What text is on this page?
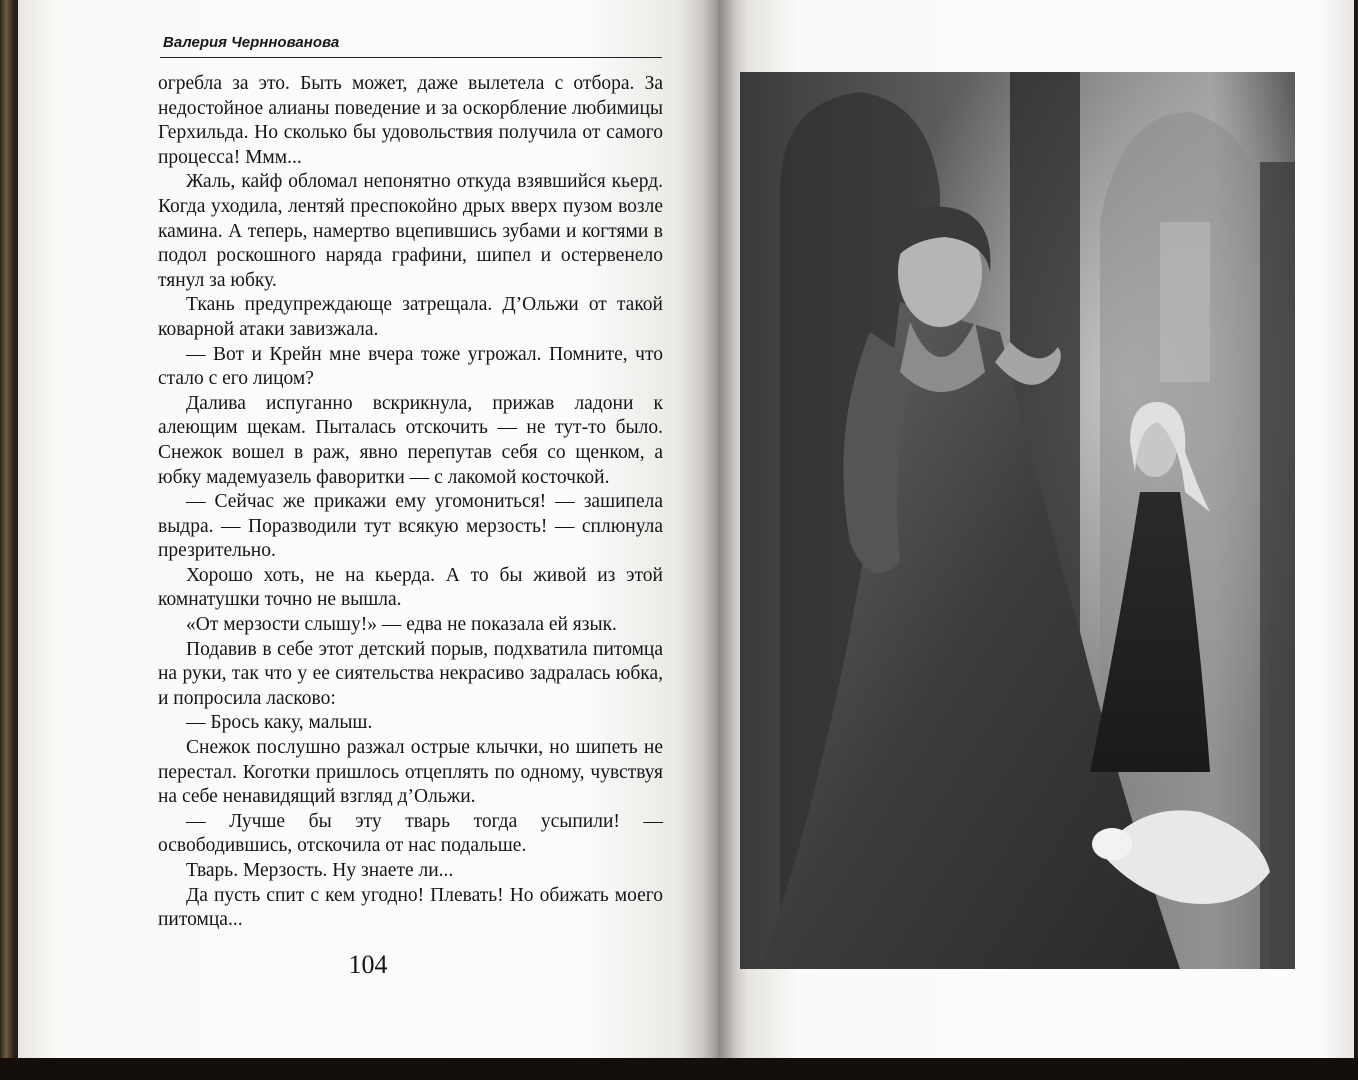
Валерия Черннованова

огребла за это. Быть может, даже вылетела с отбора. За недостойное алианы поведение и за оскорбление любимицы Герхильда. Но сколько бы удовольствия получила от самого процесса! Ммм...

Жаль, кайф обломал непонятно откуда взявшийся кьерд. Когда уходила, лентяй преспокойно дрых вверх пузом возле камина. А теперь, намертво вцепившись зубами и когтями в подол роскошного наряда графини, шипел и остервенело тянул за юбку.

Ткань предупреждающе затрещала. Д’Ольжи от такой коварной атаки завизжала.

— Вот и Крейн мне вчера тоже угрожал. Помните, что стало с его лицом?

Далива испуганно вскрикнула, прижав ладони к алеющим щекам. Пыталась отскочить — не тут-то было. Снежок вошел в раж, явно перепутав себя со щенком, а юбку мадемуазель фаворитки — с лакомой косточкой.

— Сейчас же прикажи ему угомониться! — зашипела выдра. — Поразводили тут всякую мерзость! — сплюнула презрительно.

Хорошо хоть, не на кьерда. А то бы живой из этой комнатушки точно не вышла.

«От мерзости слышу!» — едва не показала ей язык.

Подавив в себе этот детский порыв, подхватила питомца на руки, так что у ее сиятельства некрасиво задралась юбка, и попросила ласково:

— Брось каку, малыш.

Снежок послушно разжал острые клычки, но шипеть не перестал. Коготки пришлось отцеплять по одному, чувствуя на себе ненавидящий взгляд д’Ольжи.

— Лучше бы эту тварь тогда усыпили! — освободившись, отскочила от нас подальше.

Тварь. Мерзость. Ну знаете ли...

Да пусть спит с кем угодно! Плевать! Но обижать моего питомца...

104
